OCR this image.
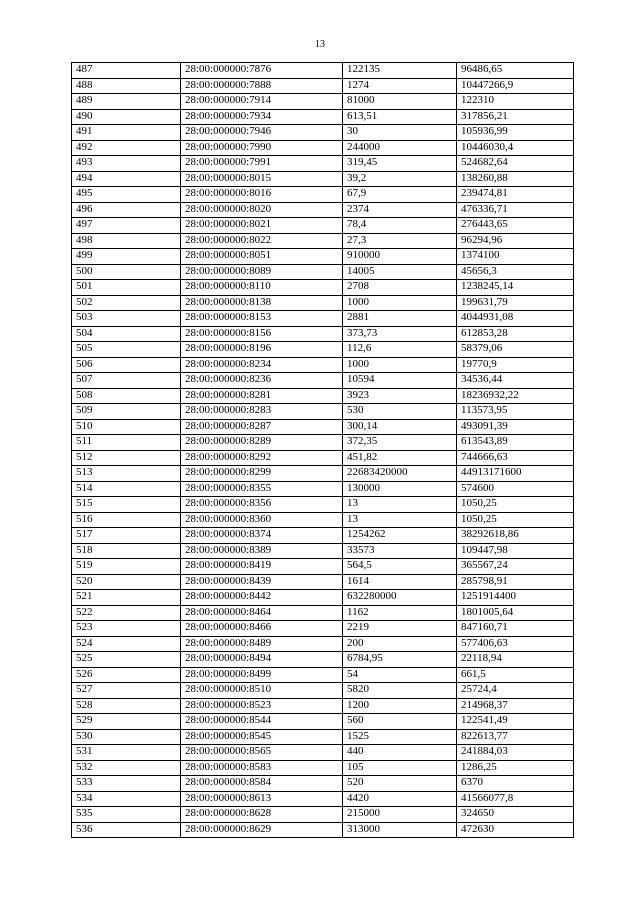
13
487	28:00:000000:7876	122135	96486,65
488	28:00:000000:7888	1274	10447266,9
489	28:00:000000:7914	81000	122310
490	28:00:000000:7934	613,51	317856,21
491	28:00:000000:7946	30	105936,99
492	28:00:000000:7990	244000	10446030,4
493	28:00:000000:7991	319,45	524682,64
494	28:00:000000:8015	39,2	138260,88
495	28:00:000000:8016	67,9	239474,81
496	28:00:000000:8020	2374	476336,71
497	28:00:000000:8021	78,4	276443,65
498	28:00:000000:8022	27,3	96294,96
499	28:00:000000:8051	910000	1374100
500	28:00:000000:8089	14005	45656,3
501	28:00:000000:8110	2708	1238245,14
502	28:00:000000:8138	1000	199631,79
503	28:00:000000:8153	2881	4044931,08
504	28:00:000000:8156	373,73	612853,28
505	28:00:000000:8196	112,6	58379,06
506	28:00:000000:8234	1000	19770,9
507	28:00:000000:8236	10594	34536,44
508	28:00:000000:8281	3923	18236932,22
509	28:00:000000:8283	530	113573,95
510	28:00:000000:8287	300,14	493091,39
511	28:00:000000:8289	372,35	613543,89
512	28:00:000000:8292	451,82	744666,63
513	28:00:000000:8299	22683420000	44913171600
514	28:00:000000:8355	130000	574600
515	28:00:000000:8356	13	1050,25
516	28:00:000000:8360	13	1050,25
517	28:00:000000:8374	1254262	38292618,86
518	28:00:000000:8389	33573	109447,98
519	28:00:000000:8419	564,5	365567,24
520	28:00:000000:8439	1614	285798,91
521	28:00:000000:8442	632280000	1251914400
522	28:00:000000:8464	1162	1801005,64
523	28:00:000000:8466	2219	847160,71
524	28:00:000000:8489	200	577406,63
525	28:00:000000:8494	6784,95	22118,94
526	28:00:000000:8499	54	661,5
527	28:00:000000:8510	5820	25724,4
528	28:00:000000:8523	1200	214968,37
529	28:00:000000:8544	560	122541,49
530	28:00:000000:8545	1525	822613,77
531	28:00:000000:8565	440	241884,03
532	28:00:000000:8583	105	1286,25
533	28:00:000000:8584	520	6370
534	28:00:000000:8613	4420	41566077,8
535	28:00:000000:8628	215000	324650
536	28:00:000000:8629	313000	472630
